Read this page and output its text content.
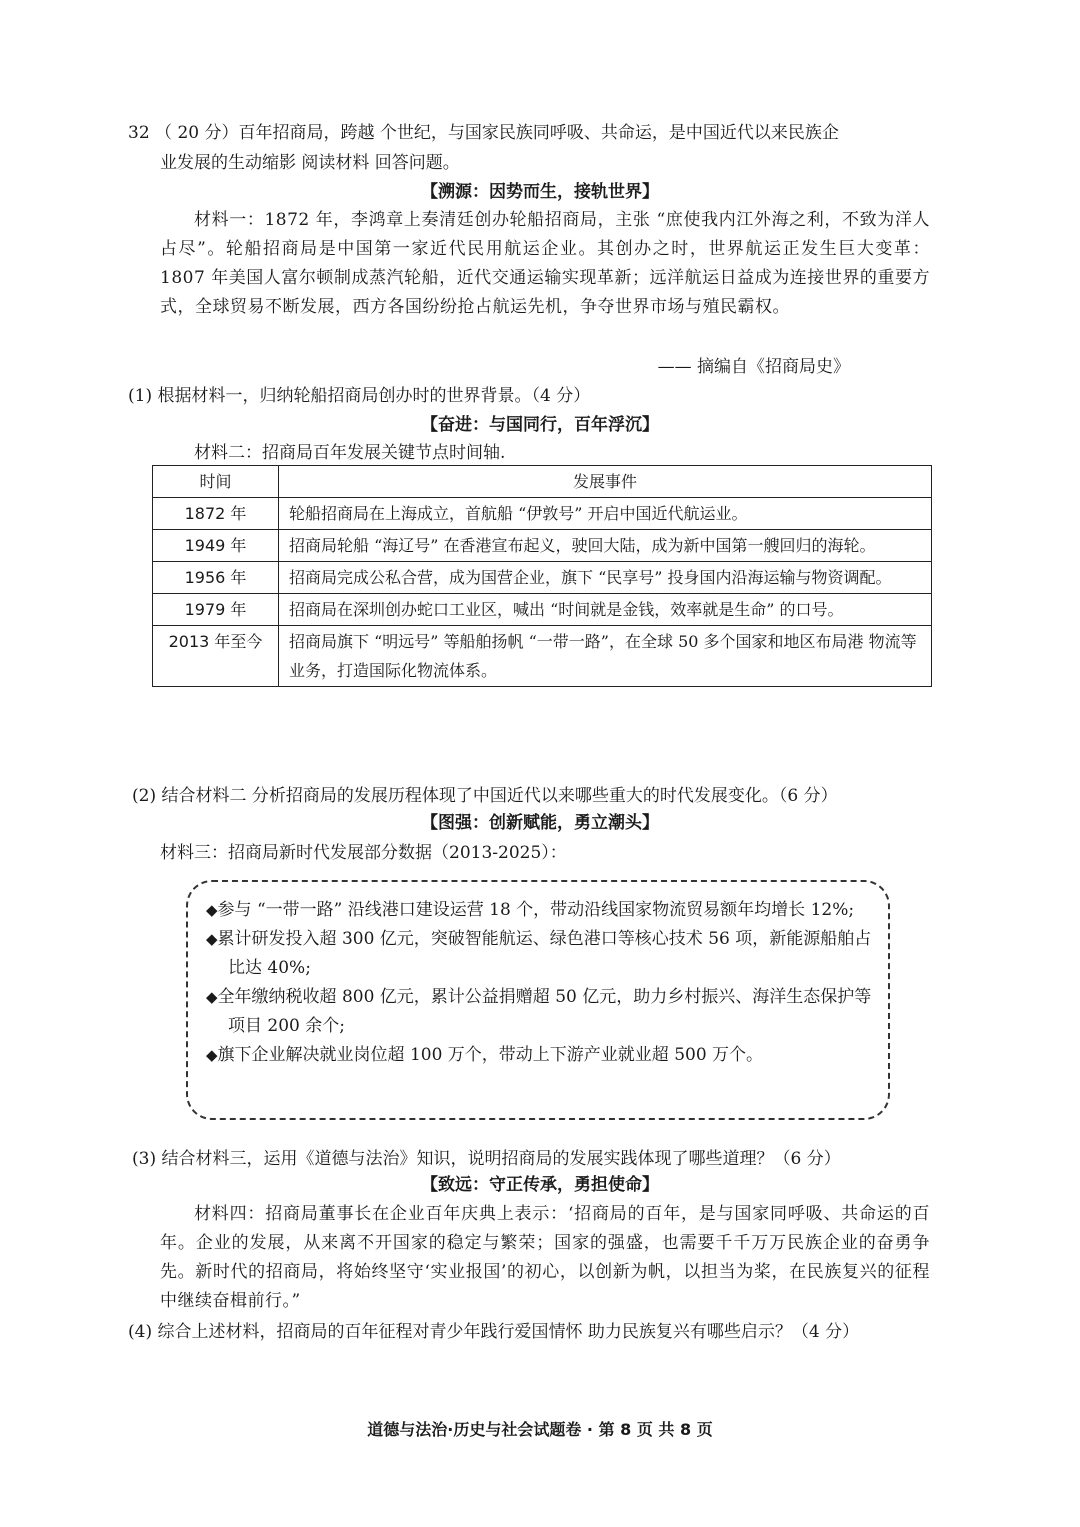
32 （ 20 分）百年招商局，跨越 个世纪，与国家民族同呼吸、共命运，是中国近代以来民族企
业发展的生动缩影 阅读材料 回答问题。
【溯源：因势而生，接轨世界】
材料一：1872 年，李鸿章上奏清廷创办轮船招商局，主张 “庶使我内江外海之利，不致为洋人占尽”。轮船招商局是中国第一家近代民用航运企业。其创办之时，世界航运正发生巨大变革：1807 年美国人富尔顿制成蒸汽轮船，近代交通运输实现革新；远洋航运日益成为连接世界的重要方式，全球贸易不断发展，西方各国纷纷抢占航运先机，争夺世界市场与殖民霸权。
—— 摘编自《招商局史》
(1) 根据材料一，归纳轮船招商局创办时的世界背景。（4 分）
【奋进：与国同行，百年浮沉】
材料二：招商局百年发展关键节点时间轴.
时间	发展事件
1872 年	轮船招商局在上海成立，首航船 “伊敦号” 开启中国近代航运业。
1949 年	招商局轮船 “海辽号” 在香港宣布起义，驶回大陆，成为新中国第一艘回归的海轮。
1956 年	招商局完成公私合营，成为国营企业，旗下 “民享号” 投身国内沿海运输与物资调配。
1979 年	招商局在深圳创办蛇口工业区，喊出 “时间就是金钱，效率就是生命” 的口号。
2013 年至今	招商局旗下 “明远号” 等船舶扬帆 “一带一路”，在全球 50 多个国家和地区布局港 物流等业务，打造国际化物流体系。
(2) 结合材料二 分析招商局的发展历程体现了中国近代以来哪些重大的时代发展变化。（6 分）
【图强：创新赋能，勇立潮头】
材料三：招商局新时代发展部分数据（2013-2025）：
◆参与 “一带一路” 沿线港口建设运营 18 个，带动沿线国家物流贸易额年均增长 12%;
◆累计研发投入超 300 亿元，突破智能航运、绿色港口等核心技术 56 项，新能源船舶占比达 40%;
◆全年缴纳税收超 800 亿元，累计公益捐赠超 50 亿元，助力乡村振兴、海洋生态保护等项目 200 余个;
◆旗下企业解决就业岗位超 100 万个，带动上下游产业就业超 500 万个。
(3) 结合材料三，运用《道德与法治》知识，说明招商局的发展实践体现了哪些道理？（6 分）
【致远：守正传承，勇担使命】
材料四：招商局董事长在企业百年庆典上表示：‘招商局的百年，是与国家同呼吸、共命运的百年。企业的发展，从来离不开国家的稳定与繁荣；国家的强盛，也需要千千万万民族企业的奋勇争先。新时代的招商局，将始终坚守‘实业报国’的初心，以创新为帆，以担当为桨，在民族复兴的征程中继续奋楫前行。”
(4) 综合上述材料，招商局的百年征程对青少年践行爱国情怀 助力民族复兴有哪些启示？（4 分）
道德与法治·历史与社会试题卷 · 第 8 页 共 8 页
